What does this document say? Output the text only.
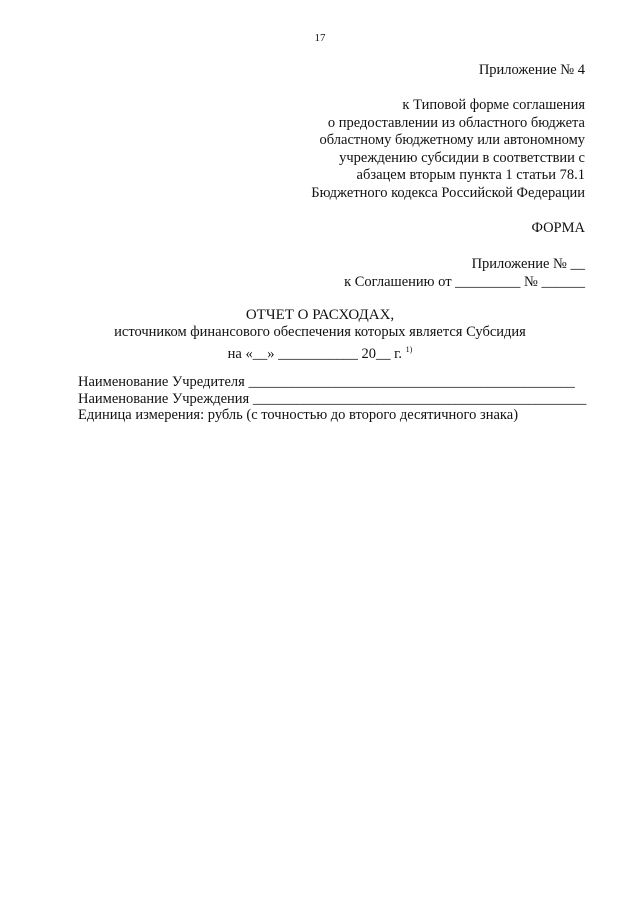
17
Приложение № 4
к Типовой форме соглашения
о предоставлении из областного бюджета
областному бюджетному или автономному
учреждению субсидии в соответствии с
абзацем вторым пункта 1 статьи 78.1
Бюджетного кодекса Российской Федерации
ФОРМА
Приложение № __
к Соглашению от _________ № ______
ОТЧЕТ О РАСХОДАХ,
источником финансового обеспечения которых является Субсидия
на «__» ___________ 20__ г. $^{1)}$
Наименование Учредителя _____________________________________________
Наименование Учреждения ______________________________________________
Единица измерения: рубль (с точностью до второго десятичного знака)
